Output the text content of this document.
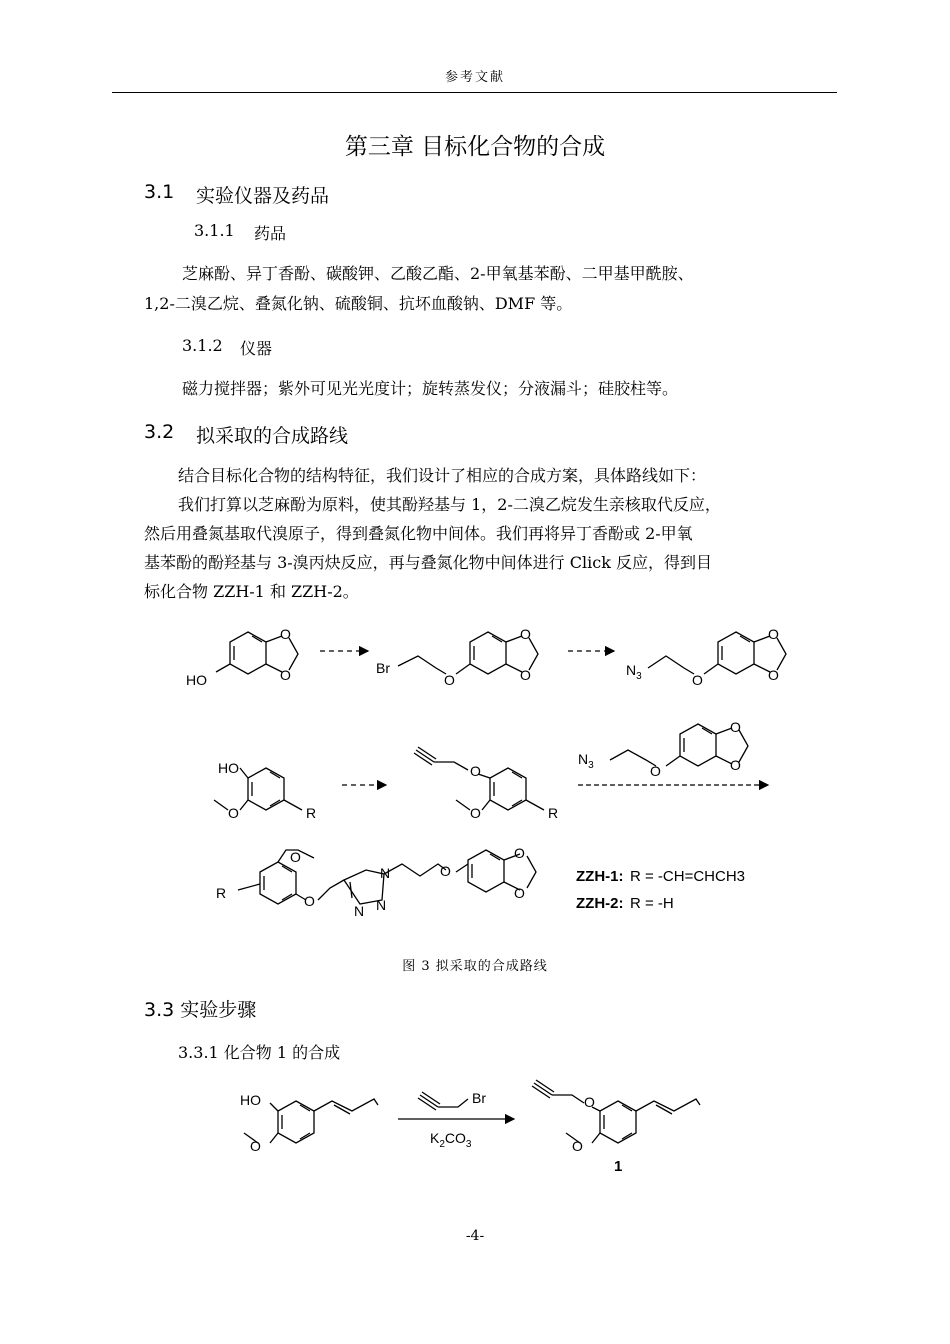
参考文献
第三章 目标化合物的合成
3.1 实验仪器及药品
3.1.1 药品
芝麻酚、异丁香酚、碳酸钾、乙酸乙酯、2-甲氧基苯酚、二甲基甲酰胺、
1,2-二溴乙烷、叠氮化钠、硫酸铜、抗坏血酸钠、DMF 等。
3.1.2 仪器
磁力搅拌器；紫外可见光光度计；旋转蒸发仪；分液漏斗；硅胶柱等。
3.2 拟采取的合成路线
结合目标化合物的结构特征，我们设计了相应的合成方案，具体路线如下：
我们打算以芝麻酚为原料，使其酚羟基与 1，2-二溴乙烷发生亲核取代反应，
然后用叠氮基取代溴原子，得到叠氮化物中间体。我们再将异丁香酚或 2-甲氧
基苯酚的酚羟基与 3-溴丙炔反应，再与叠氮化物中间体进行 Click 反应，得到目
标化合物 ZZH-1 和 ZZH-2。
HO
O
O	Br
O
O
O	$N_3$	O
O
O
HO
O	R
O
O	R
$N_3$	O
O
O
R
O
O
N
N
N
O
O
O
ZZH-1: R = -CH=CHCH3
ZZH-2: R = -H
图 3 拟采取的合成路线
3.3 实验步骤
3.3.1 化合物 1 的合成
HO
O
Br
$K_2CO_3$
O
O
1
-4-
